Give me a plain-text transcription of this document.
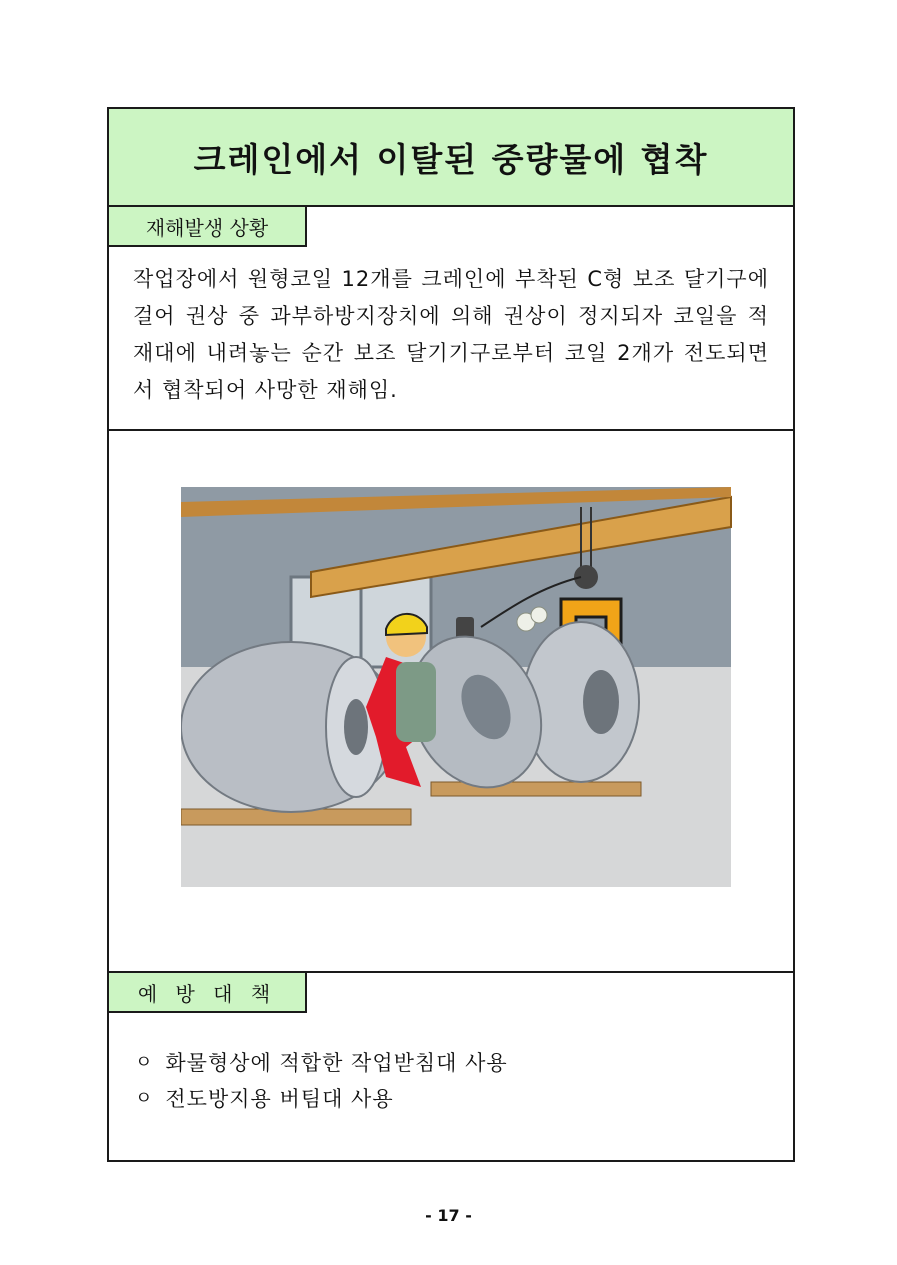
크레인에서 이탈된 중량물에 협착
재해발생 상황
작업장에서 원형코일 12개를 크레인에 부착된 C형 보조 달기구에 걸어 권상 중 과부하방지장치에 의해 권상이 정지되자 코일을 적재대에 내려놓는 순간 보조 달기기구로부터 코일 2개가 전도되면서 협착되어 사망한 재해임.
예 방 대 책
ㅇ 화물형상에 적합한 작업받침대 사용
ㅇ 전도방지용 버팀대 사용
- 17 -
